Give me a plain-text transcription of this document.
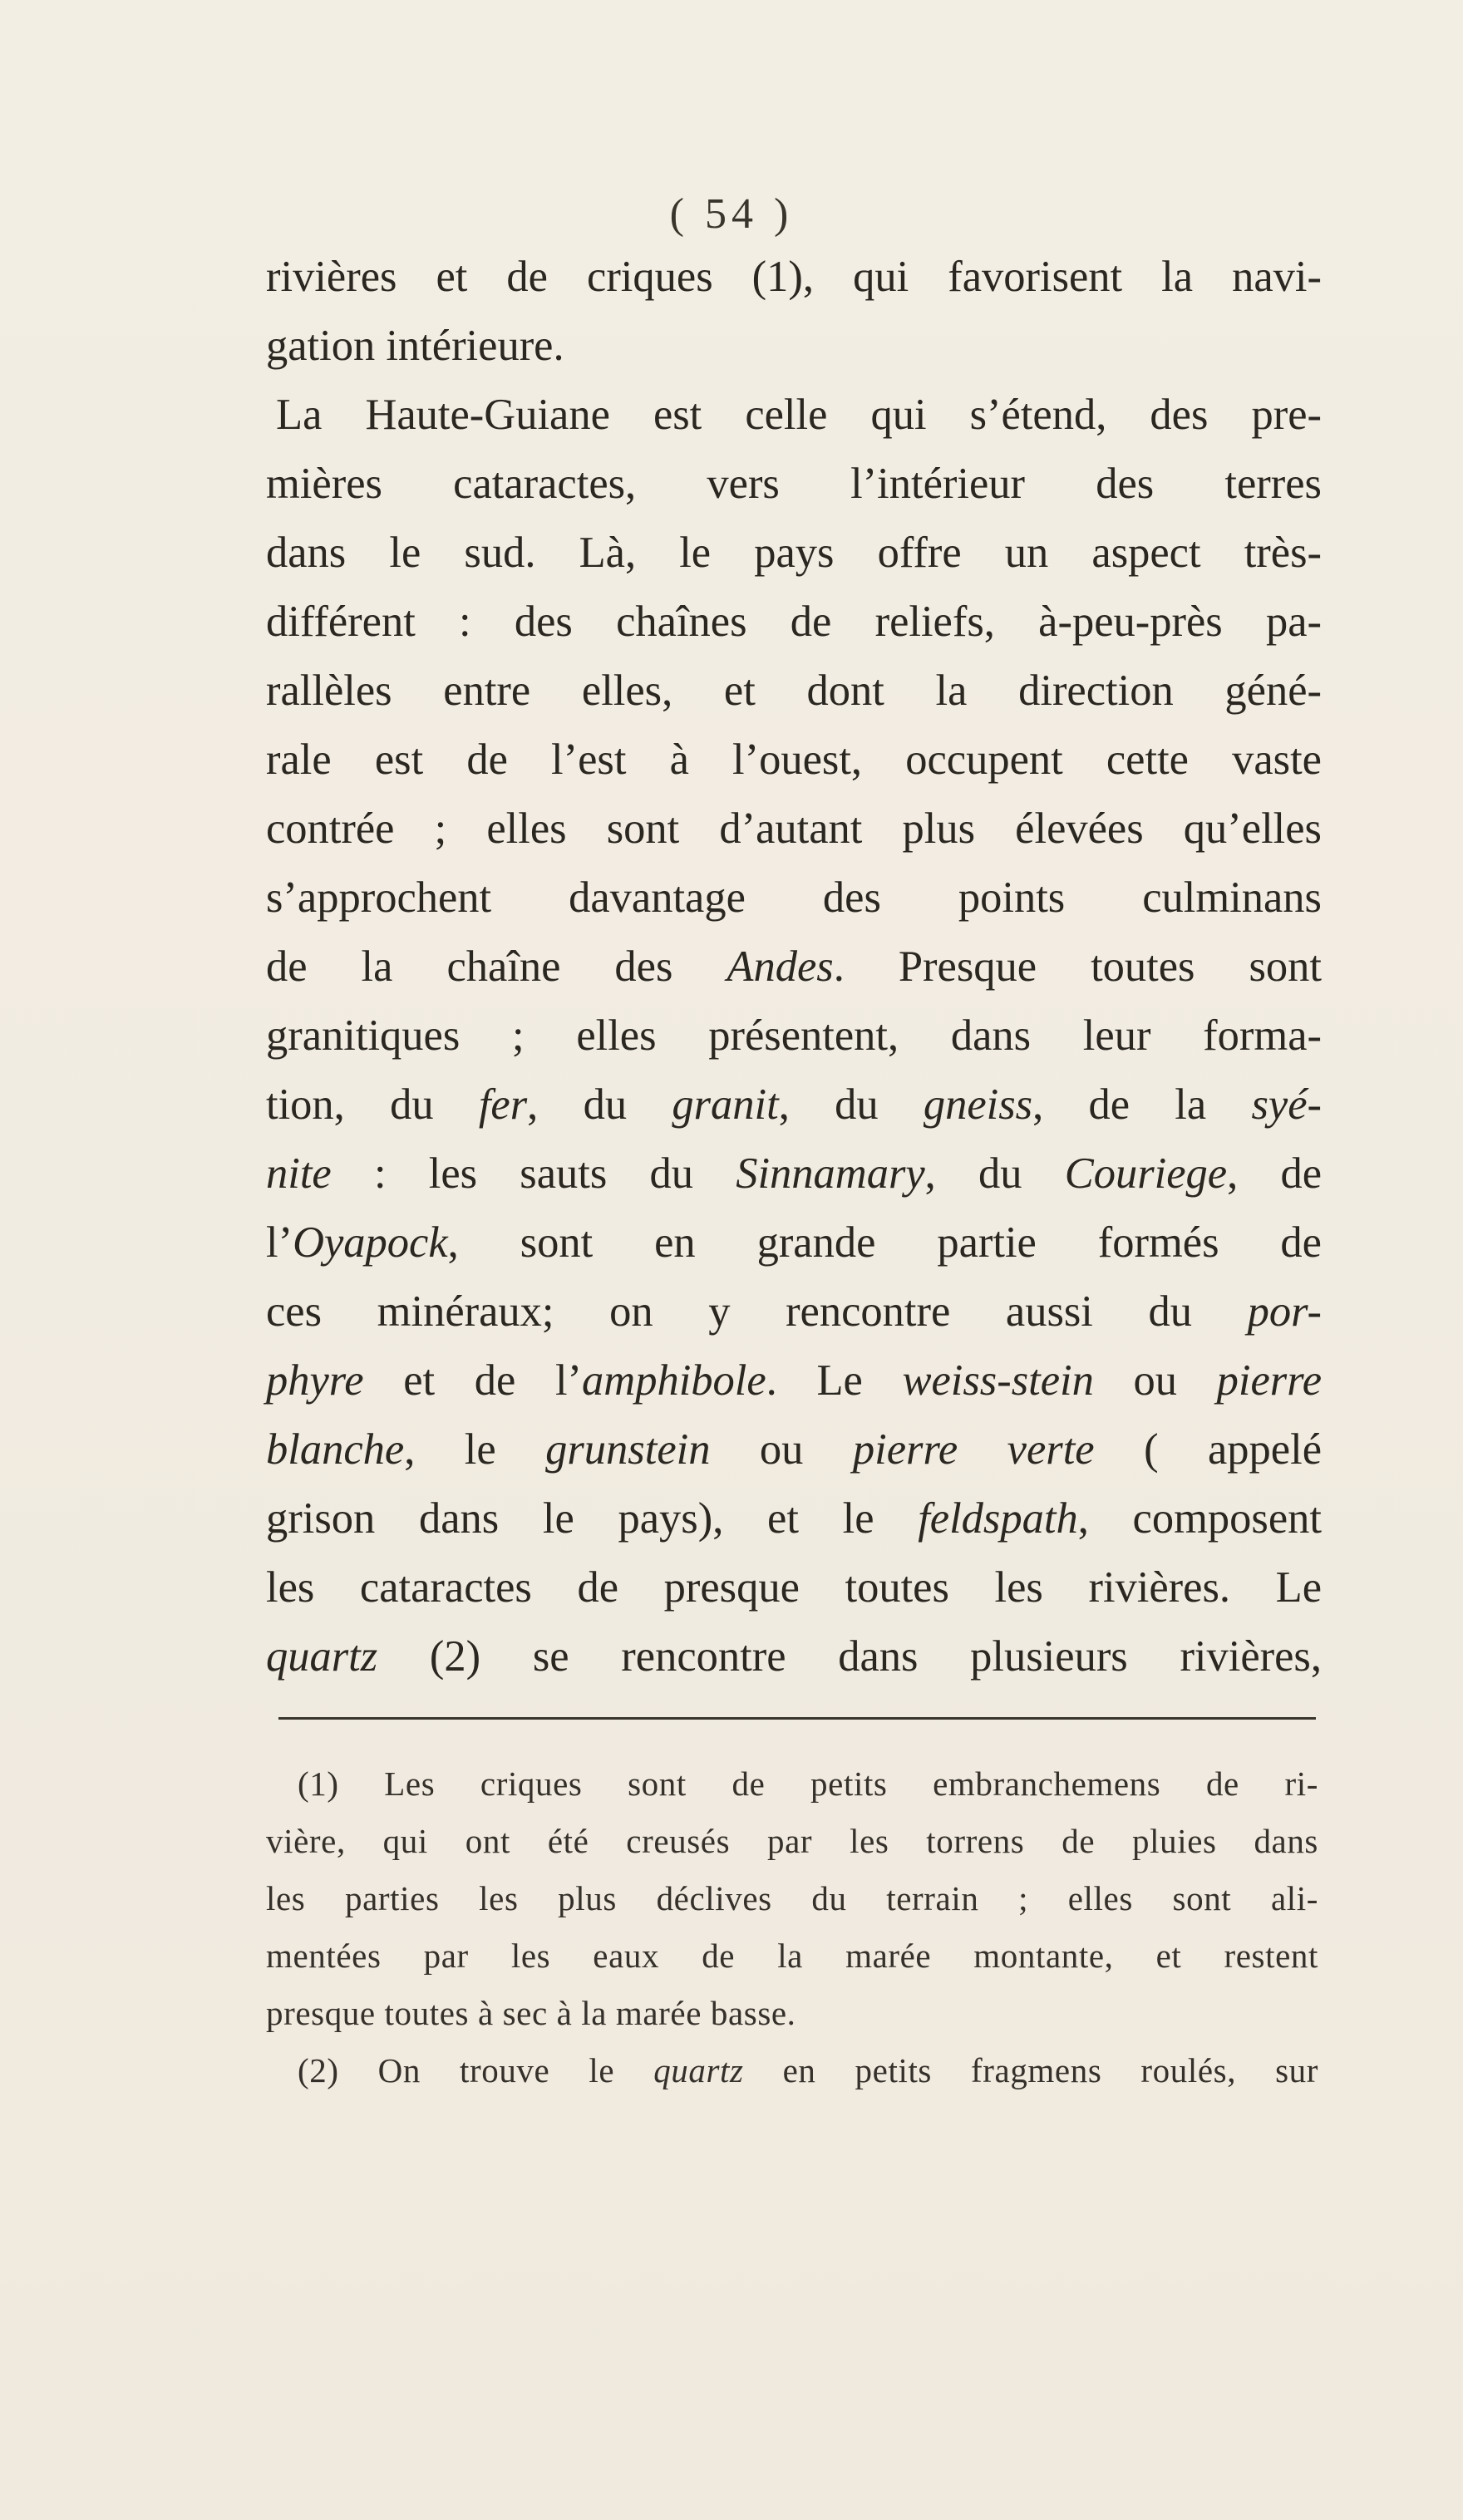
( 54 )
rivières et de criques (1), qui favorisent la navi-
gation intérieure.
La Haute-Guiane est celle qui s’étend, des pre-
mières cataractes, vers l’intérieur des terres
dans le sud. Là, le pays offre un aspect très-
différent : des chaînes de reliefs, à-peu-près pa-
rallèles entre elles, et dont la direction géné-
rale est de l’est à l’ouest, occupent cette vaste
contrée ; elles sont d’autant plus élevées qu’elles
s’approchent davantage des points culminans
de la chaîne des Andes. Presque toutes sont
granitiques ; elles présentent, dans leur forma-
tion, du fer, du granit, du gneiss, de la syé-
nite : les sauts du Sinnamary, du Couriege, de
l’Oyapock, sont en grande partie formés de
ces minéraux; on y rencontre aussi du por-
phyre et de l’amphibole. Le weiss-stein ou pierre
blanche, le grunstein ou pierre verte ( appelé
grison dans le pays), et le feldspath, composent
les cataractes de presque toutes les rivières. Le
quartz (2) se rencontre dans plusieurs rivières,
(1) Les criques sont de petits embranchemens de ri-
vière, qui ont été creusés par les torrens de pluies dans
les parties les plus déclives du terrain ; elles sont ali-
mentées par les eaux de la marée montante, et restent
presque toutes à sec à la marée basse.
(2) On trouve le quartz en petits fragmens roulés, sur
